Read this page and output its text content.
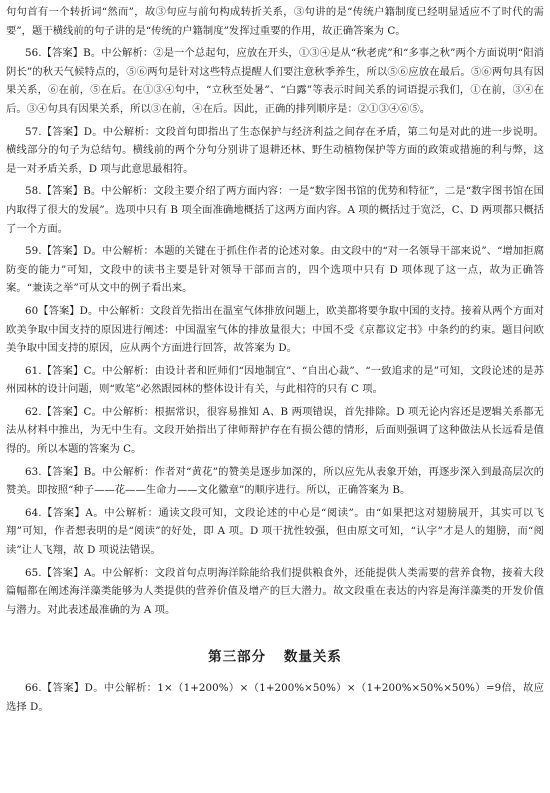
句句首有一个转折词“然而”，故③句应与前句构成转折关系，③句讲的是“传统户籍制度已经明显适应不了时代的需要”，题干横线前的句子讲的是“传统的户籍制度”发挥过重要的作用，故正确答案为 C。

56.【答案】B。中公解析：②是一个总起句，应放在开头，①③④是从“秋老虎”和“多事之秋”两个方面说明“阳消阴长”的秋天气候特点的，⑤⑥两句是针对这些特点提醒人们要注意秋季养生，所以⑤⑥应放在最后。⑤⑥两句具有因果关系，⑥在前，⑤在后。在①③④句中，“立秋至处暑”、“白露”等表示时间关系的词语提示我们，①在前，③④在后。③④句具有因果关系，所以③在前，④在后。因此，正确的排列顺序是：②①③④⑥⑤。

57.【答案】D。中公解析：文段首句即指出了生态保护与经济利益之间存在矛盾，第二句是对此的进一步说明。横线部分的句子为总结句。横线前的两个分句分别讲了退耕还林、野生动植物保护等方面的政策或措施的利与弊，这是一对矛盾关系，D 项与此意思最相符。

58.【答案】B。中公解析：文段主要介绍了两方面内容：一是“数字图书馆的优势和特征”，二是“数字图书馆在国内取得了很大的发展”。选项中只有 B 项全面准确地概括了这两方面内容。A 项的概括过于宽泛，C、D 两项都只概括了一个方面。

59.【答案】D。中公解析：本题的关键在于抓住作者的论述对象。由文段中的“对一名领导干部来说”、“增加拒腐防变的能力”可知，文段中的读书主要是针对领导干部而言的，四个选项中只有 D 项体现了这一点，故为正确答案。“兼读之举”可从文中的例子看出来。

60【答案】D。中公解析：文段首先指出在温室气体排放问题上，欧美都将要争取中国的支持。接着从两个方面对欧美争取中国支持的原因进行阐述：中国温室气体的排放量很大；中国不受《京都议定书》中条约的约束。题目问欧美争取中国支持的原因，应从两个方面进行回答，故答案为 D。

61.【答案】C。中公解析：由设计者和匠师们“因地制宜”、“自出心裁”、“一致追求的是”可知，文段论述的是苏州园林的设计问题，则“败笔”必然跟园林的整体设计有关，与此相符的只有 C 项。

62.【答案】C。中公解析：根据常识，很容易推知 A、B 两项错误，首先排除。D 项无论内容还是逻辑关系都无法从材料中推出，为无中生有。文段开始指出了律师辩护存在有损公德的情形，后面则强调了这种做法从长远看是值得的。所以本题的答案为 C。

63.【答案】B。中公解析：作者对“黄花”的赞美是逐步加深的，所以应先从表象开始，再逐步深入到最高层次的赞美。即按照“种子——花——生命力——文化徽章”的顺序进行。所以，正确答案为 B。

64.【答案】A。中公解析：通读文段可知，文段论述的中心是“阅读”。由“如果把这对翅膀展开，其实可以飞翔”可知，作者想表明的是“阅读”的好处，即 A 项。D 项干扰性较强，但由原文可知，“认字”才是人的翅膀，而“阅读”让人飞翔，故 D 项说法错误。

65.【答案】A。中公解析：文段首句点明海洋除能给我们提供粮食外，还能提供人类需要的营养食物，接着大段篇幅都在阐述海洋藻类能够为人类提供的营养价值及增产的巨大潜力。故文段重在表达的内容是海洋藻类的开发价值与潜力。对此表述最准确的为 A 项。

第三部分 数量关系

66.【答案】D。中公解析：1×（1+200%）×（1+200%×50%）×（1+200%×50%×50%）=9倍，故应选择 D。
